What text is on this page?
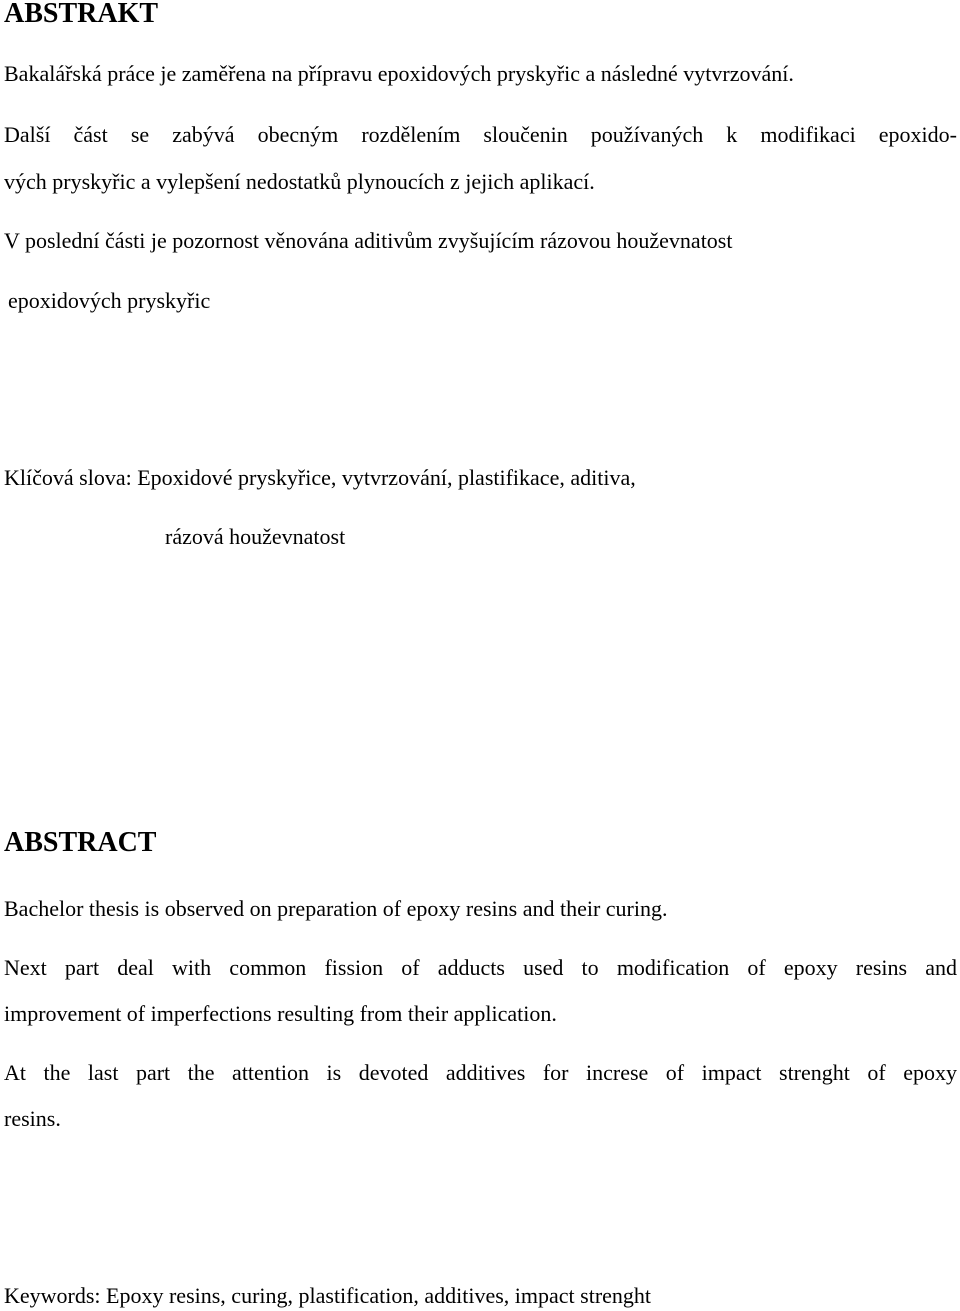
ABSTRAKT

Bakalářská práce je zaměřena na přípravu epoxidových pryskyřic a následné vytvrzování.

Další část se zabývá obecným rozdělením sloučenin používaných k modifikaci epoxido-

vých pryskyřic a vylepšení nedostatků plynoucích z jejich aplikací.

V poslední části je pozornost věnována aditivům zvyšujícím rázovou houževnatost

epoxidových pryskyřic

Klíčová slova: Epoxidové pryskyřice, vytvrzování, plastifikace, aditiva,

rázová houževnatost

ABSTRACT

Bachelor thesis is observed on preparation of epoxy resins and their curing.

Next part deal with common fission of adducts used to modification of epoxy resins and

improvement of imperfections resulting from their application.

At the last part the attention is devoted additives for increse of impact strenght of epoxy

resins.

Keywords: Epoxy resins, curing, plastification, additives, impact strenght
